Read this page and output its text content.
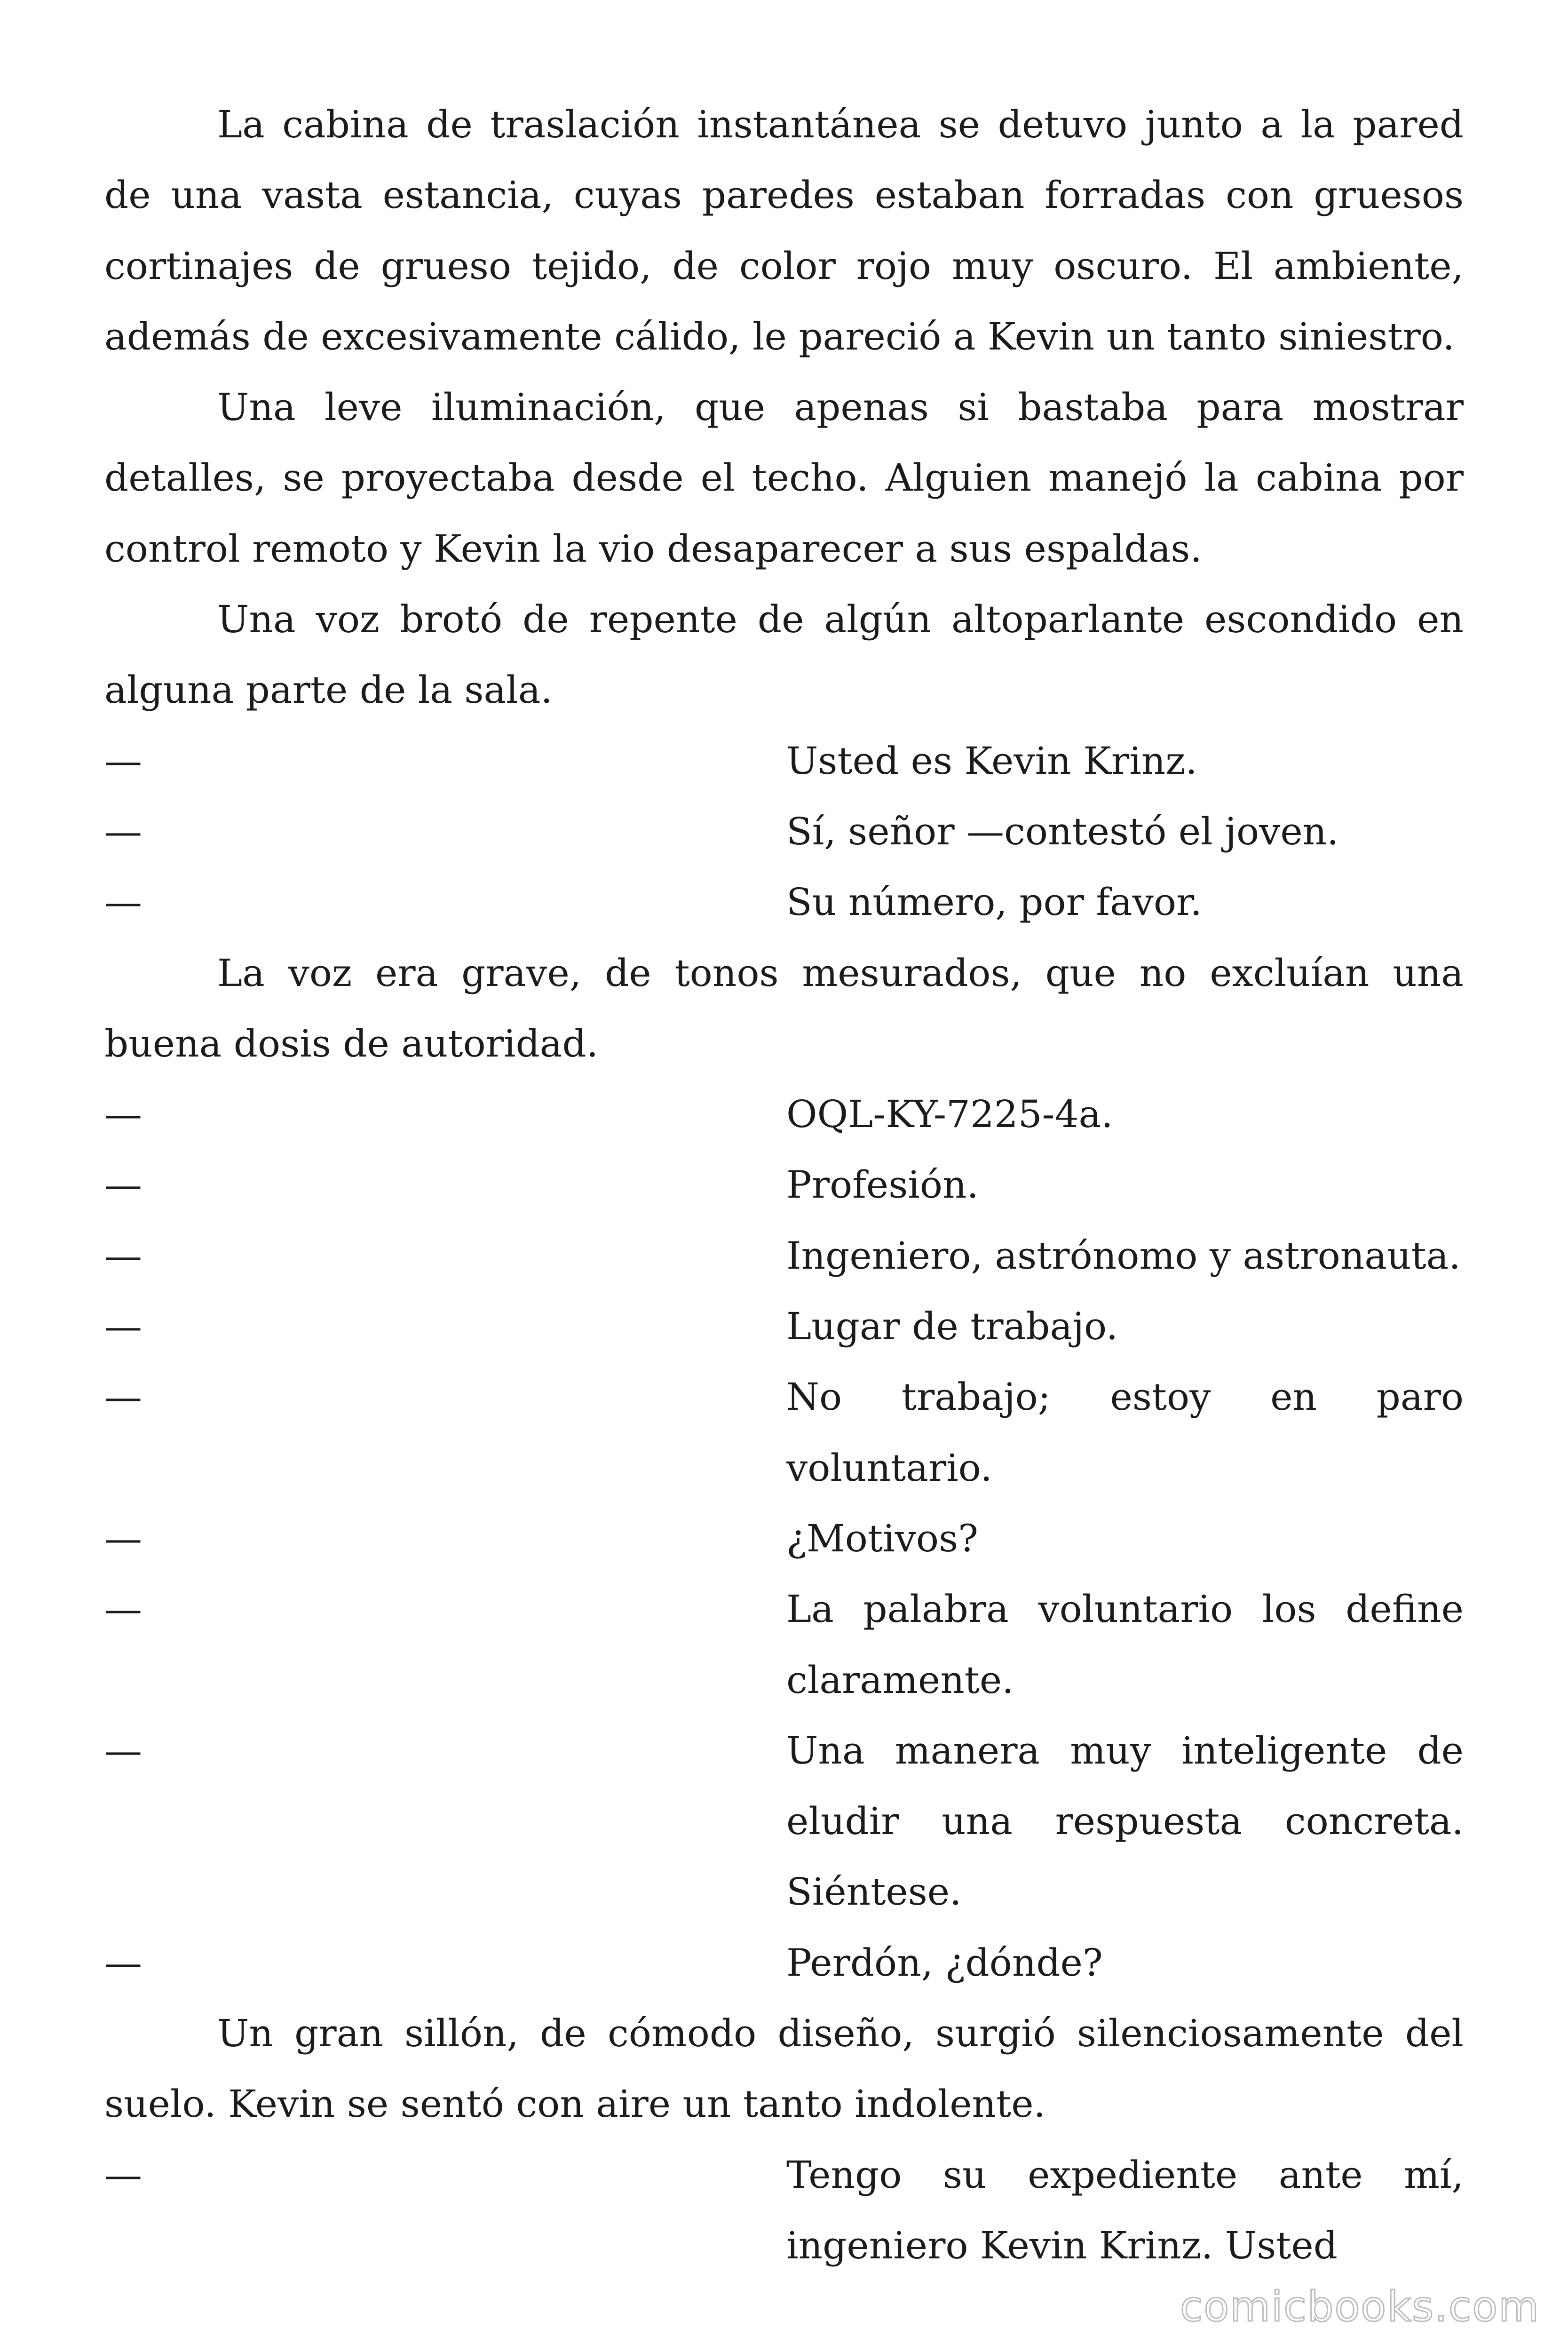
La cabina de traslación instantánea se detuvo junto a la pared de una vasta estancia, cuyas paredes estaban forradas con gruesos cortinajes de grueso tejido, de color rojo muy oscuro. El ambiente, además de excesivamente cálido, le pareció a Kevin un tanto siniestro.

Una leve iluminación, que apenas si bastaba para mostrar detalles, se proyectaba desde el techo. Alguien manejó la cabina por control remoto y Kevin la vio desaparecer a sus espaldas.

Una voz brotó de repente de algún altoparlante escondido en alguna parte de la sala.

—	Usted es Kevin Krinz.
—	Sí, señor —contestó el joven.
—	Su número, por favor.

La voz era grave, de tonos mesurados, que no excluían una buena dosis de autoridad.

—	OQL-KY-7225-4a.
—	Profesión.
—	Ingeniero, astrónomo y astronauta.
—	Lugar de trabajo.
—	No trabajo; estoy en paro voluntario.
—	¿Motivos?
—	La palabra voluntario los define claramente.
—	Una manera muy inteligente de eludir una respuesta concreta. Siéntese.
—	Perdón, ¿dónde?

Un gran sillón, de cómodo diseño, surgió silenciosamente del suelo. Kevin se sentó con aire un tanto indolente.

—	Tengo su expediente ante mí, ingeniero Kevin Krinz. Usted
comicbooks.com
